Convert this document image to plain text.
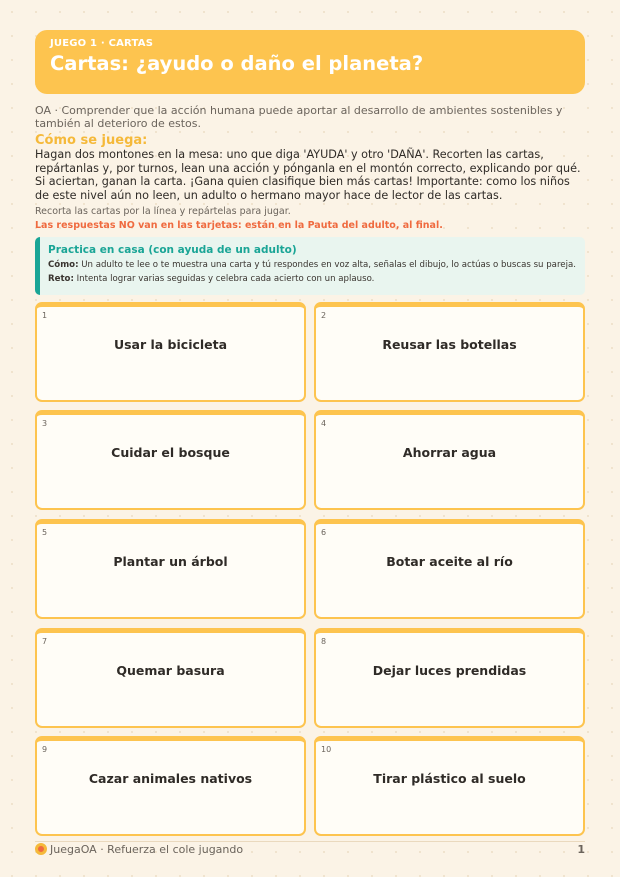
JUEGO 1 · CARTAS
Cartas: ¿ayudo o daño el planeta?
OA · Comprender que la acción humana puede aportar al desarrollo de ambientes sostenibles y también al deterioro de estos.
Cómo se juega:
Hagan dos montones en la mesa: uno que diga 'AYUDA' y otro 'DAÑA'. Recorten las cartas, repártanlas y, por turnos, lean una acción y pónganla en el montón correcto, explicando por qué. Si aciertan, ganan la carta. ¡Gana quien clasifique bien más cartas! Importante: como los niños de este nivel aún no leen, un adulto o hermano mayor hace de lector de las cartas.
Recorta las cartas por la línea y repártelas para jugar.
Las respuestas NO van en las tarjetas: están en la Pauta del adulto, al final.
Practica en casa (con ayuda de un adulto)
Cómo: Un adulto te lee o te muestra una carta y tú respondes en voz alta, señalas el dibujo, lo actúas o buscas su pareja.
Reto: Intenta lograr varias seguidas y celebra cada acierto con un aplauso.
1
Usar la bicicleta
2
Reusar las botellas
3
Cuidar el bosque
4
Ahorrar agua
5
Plantar un árbol
6
Botar aceite al río
7
Quemar basura
8
Dejar luces prendidas
9
Cazar animales nativos
10
Tirar plástico al suelo
JuegaOA · Refuerza el cole jugando	1
